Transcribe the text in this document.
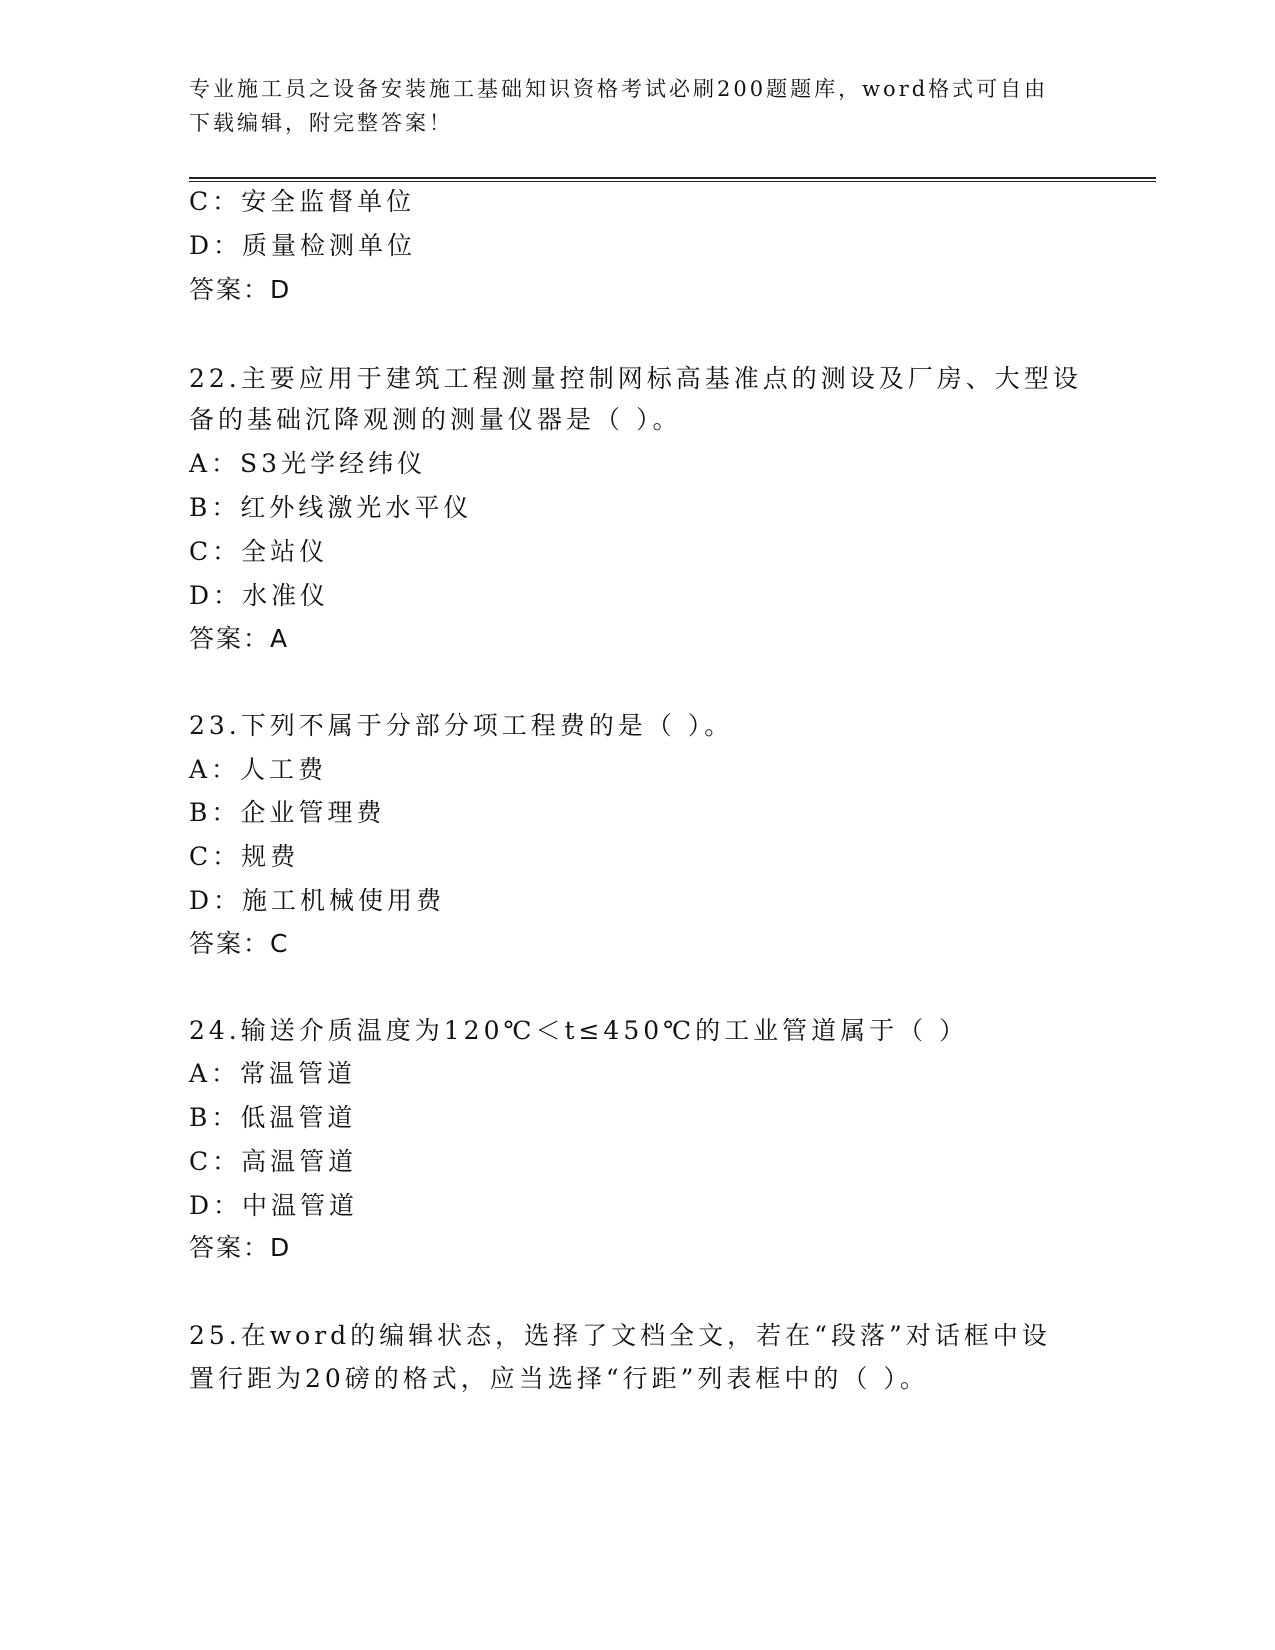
专业施工员之设备安装施工基础知识资格考试必刷200题题库，word格式可自由
下载编辑，附完整答案！
C：安全监督单位
D：质量检测单位
答案：D
22.主要应用于建筑工程测量控制网标高基准点的测设及厂房、大型设
备的基础沉降观测的测量仪器是（ ）。
A：S3光学经纬仪
B：红外线激光水平仪
C：全站仪
D：水准仪
答案：A
23.下列不属于分部分项工程费的是（ ）。
A：人工费
B：企业管理费
C：规费
D：施工机械使用费
答案：C
24.输送介质温度为120℃＜t≤450℃的工业管道属于（ ）
A：常温管道
B：低温管道
C：高温管道
D：中温管道
答案：D
25.在word的编辑状态，选择了文档全文，若在“段落”对话框中设
置行距为20磅的格式，应当选择“行距”列表框中的（ ）。
